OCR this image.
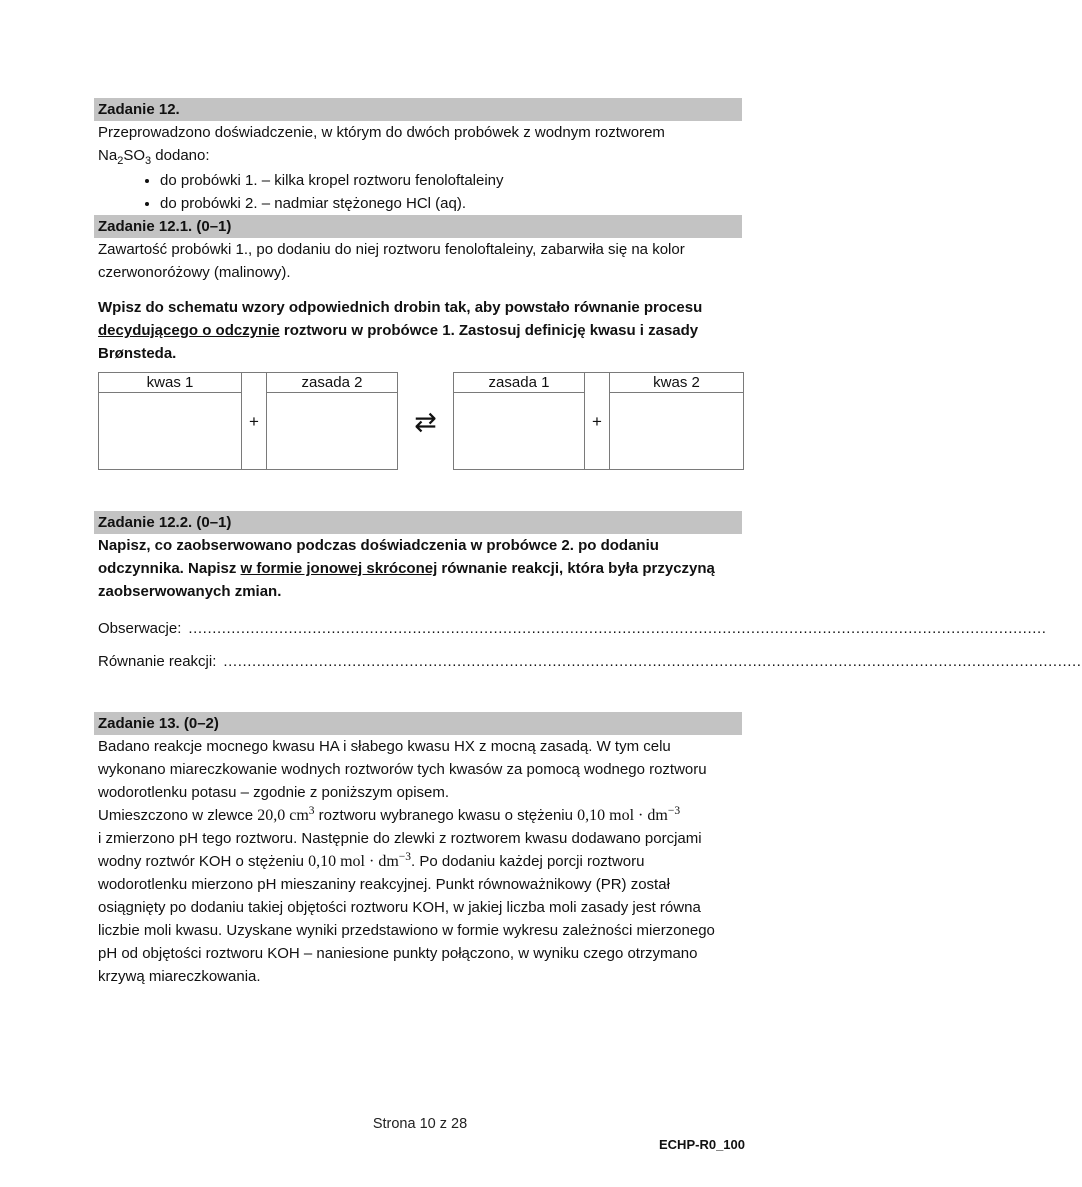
Zadanie 12.

Przeprowadzono doświadczenie, w którym do dwóch probówek z wodnym roztworem
$Na_2SO_3$ dodano:

• do probówki 1. – kilka kropel roztworu fenoloftaleiny
• do probówki 2. – nadmiar stężonego HCl (aq).
Zadanie 12.1. (0–1)

Zawartość probówki 1., po dodaniu do niej roztworu fenoloftaleiny, zabarwiła się na kolor
czerwonoróżowy (malinowy).

Wpisz do schematu wzory odpowiednich drobin tak, aby powstało równanie procesu
decydującego o odczynie roztworu w probówce 1. Zastosuj definicję kwasu i zasady
Brønsteda.

kwas 1
+
zasada 2
⇄
zasada 1
+
kwas 2
Zadanie 12.2. (0–1)

Napisz, co zaobserwowano podczas doświadczenia w probówce 2. po dodaniu
odczynnika. Napisz w formie jonowej skróconej równanie reakcji, która była przyczyną
zaobserwowanych zmian.

Obserwacje: ....................................................................................................................................................................................
Równanie reakcji: ....................................................................................................................................................................................
Zadanie 13. (0–2)

Badano reakcje mocnego kwasu HA i słabego kwasu HX z mocną zasadą. W tym celu
wykonano miareczkowanie wodnych roztworów tych kwasów za pomocą wodnego roztworu
wodorotlenku potasu – zgodnie z poniższym opisem.
Umieszczono w zlewce 20,0 $cm^3$ roztworu wybranego kwasu o stężeniu 0,10 mol · $dm^{-3}$
i zmierzono pH tego roztworu. Następnie do zlewki z roztworem kwasu dodawano porcjami
wodny roztwór KOH o stężeniu 0,10 mol · $dm^{-3}$. Po dodaniu każdej porcji roztworu
wodorotlenku mierzono pH mieszaniny reakcyjnej. Punkt równoważnikowy (PR) został
osiągnięty po dodaniu takiej objętości roztworu KOH, w jakiej liczba moli zasady jest równa
liczbie moli kwasu. Uzyskane wyniki przedstawiono w formie wykresu zależności mierzonego
pH od objętości roztworu KOH – naniesione punkty połączono, w wyniku czego otrzymano
krzywą miareczkowania.

Strona 10 z 28
ECHP-R0_100
